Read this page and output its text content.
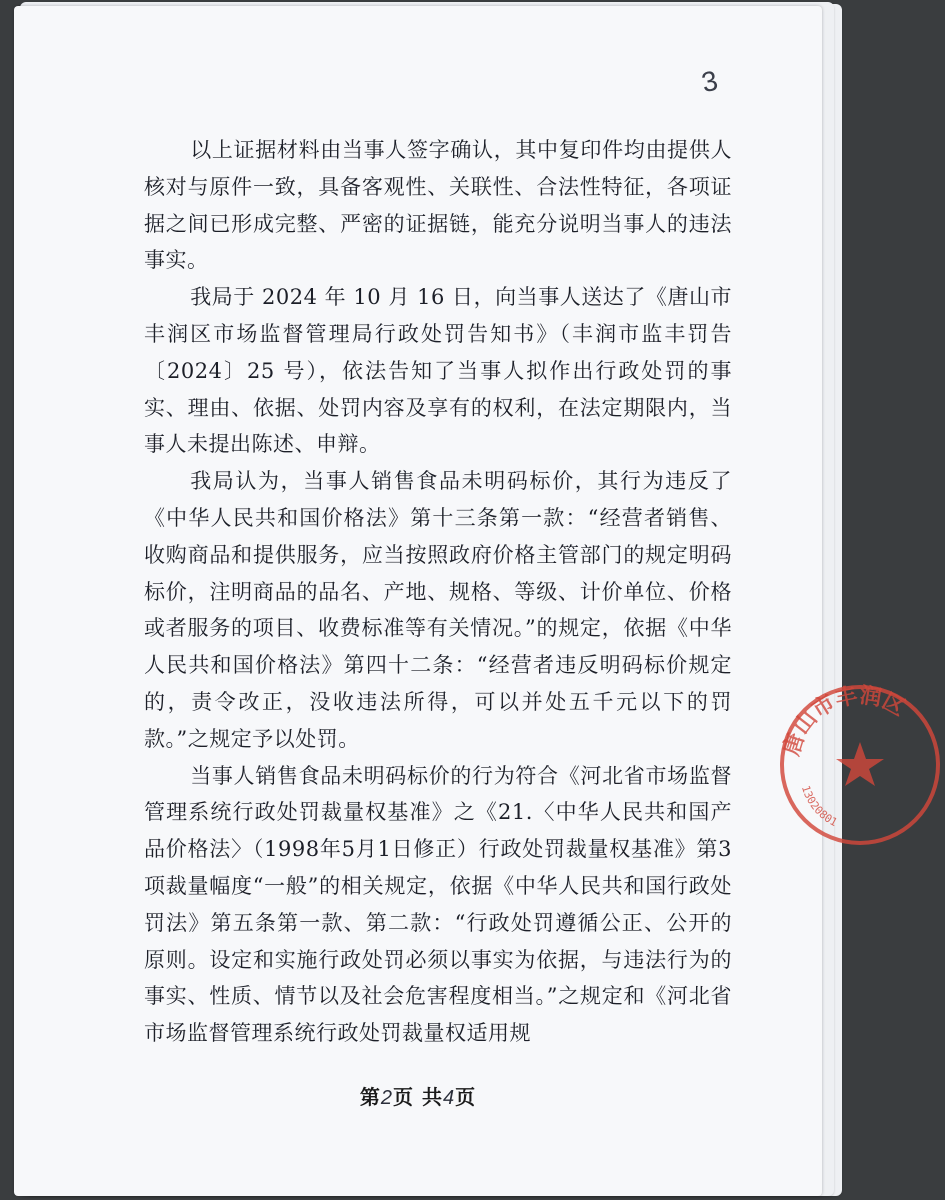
3

以上证据材料由当事人签字确认，其中复印件均由提供人核对与原件一致，具备客观性、关联性、合法性特征，各项证据之间已形成完整、严密的证据链，能充分说明当事人的违法事实。

我局于 2024 年 10 月 16 日，向当事人送达了《唐山市丰润区市场监督管理局行政处罚告知书》（丰润市监丰罚告〔2024〕25 号），依法告知了当事人拟作出行政处罚的事实、理由、依据、处罚内容及享有的权利，在法定期限内，当事人未提出陈述、申辩。

我局认为，当事人销售食品未明码标价，其行为违反了《中华人民共和国价格法》第十三条第一款：“经营者销售、收购商品和提供服务，应当按照政府价格主管部门的规定明码标价，注明商品的品名、产地、规格、等级、计价单位、价格或者服务的项目、收费标准等有关情况。”的规定，依据《中华人民共和国价格法》第四十二条：“经营者违反明码标价规定的，责令改正，没收违法所得，可以并处五千元以下的罚款。”之规定予以处罚。

当事人销售食品未明码标价的行为符合《河北省市场监督管理系统行政处罚裁量权基准》之《21.〈中华人民共和国产品价格法〉（1998年5月1日修正）行政处罚裁量权基准》第3项裁量幅度“一般”的相关规定，依据《中华人民共和国行政处罚法》第五条第一款、第二款：“行政处罚遵循公正、公开的原则。设定和实施行政处罚必须以事实为依据，与违法行为的事实、性质、情节以及社会危害程度相当。”之规定和《河北省市场监督管理系统行政处罚裁量权适用规

第2页 共4页
唐山市丰润区
13020801
